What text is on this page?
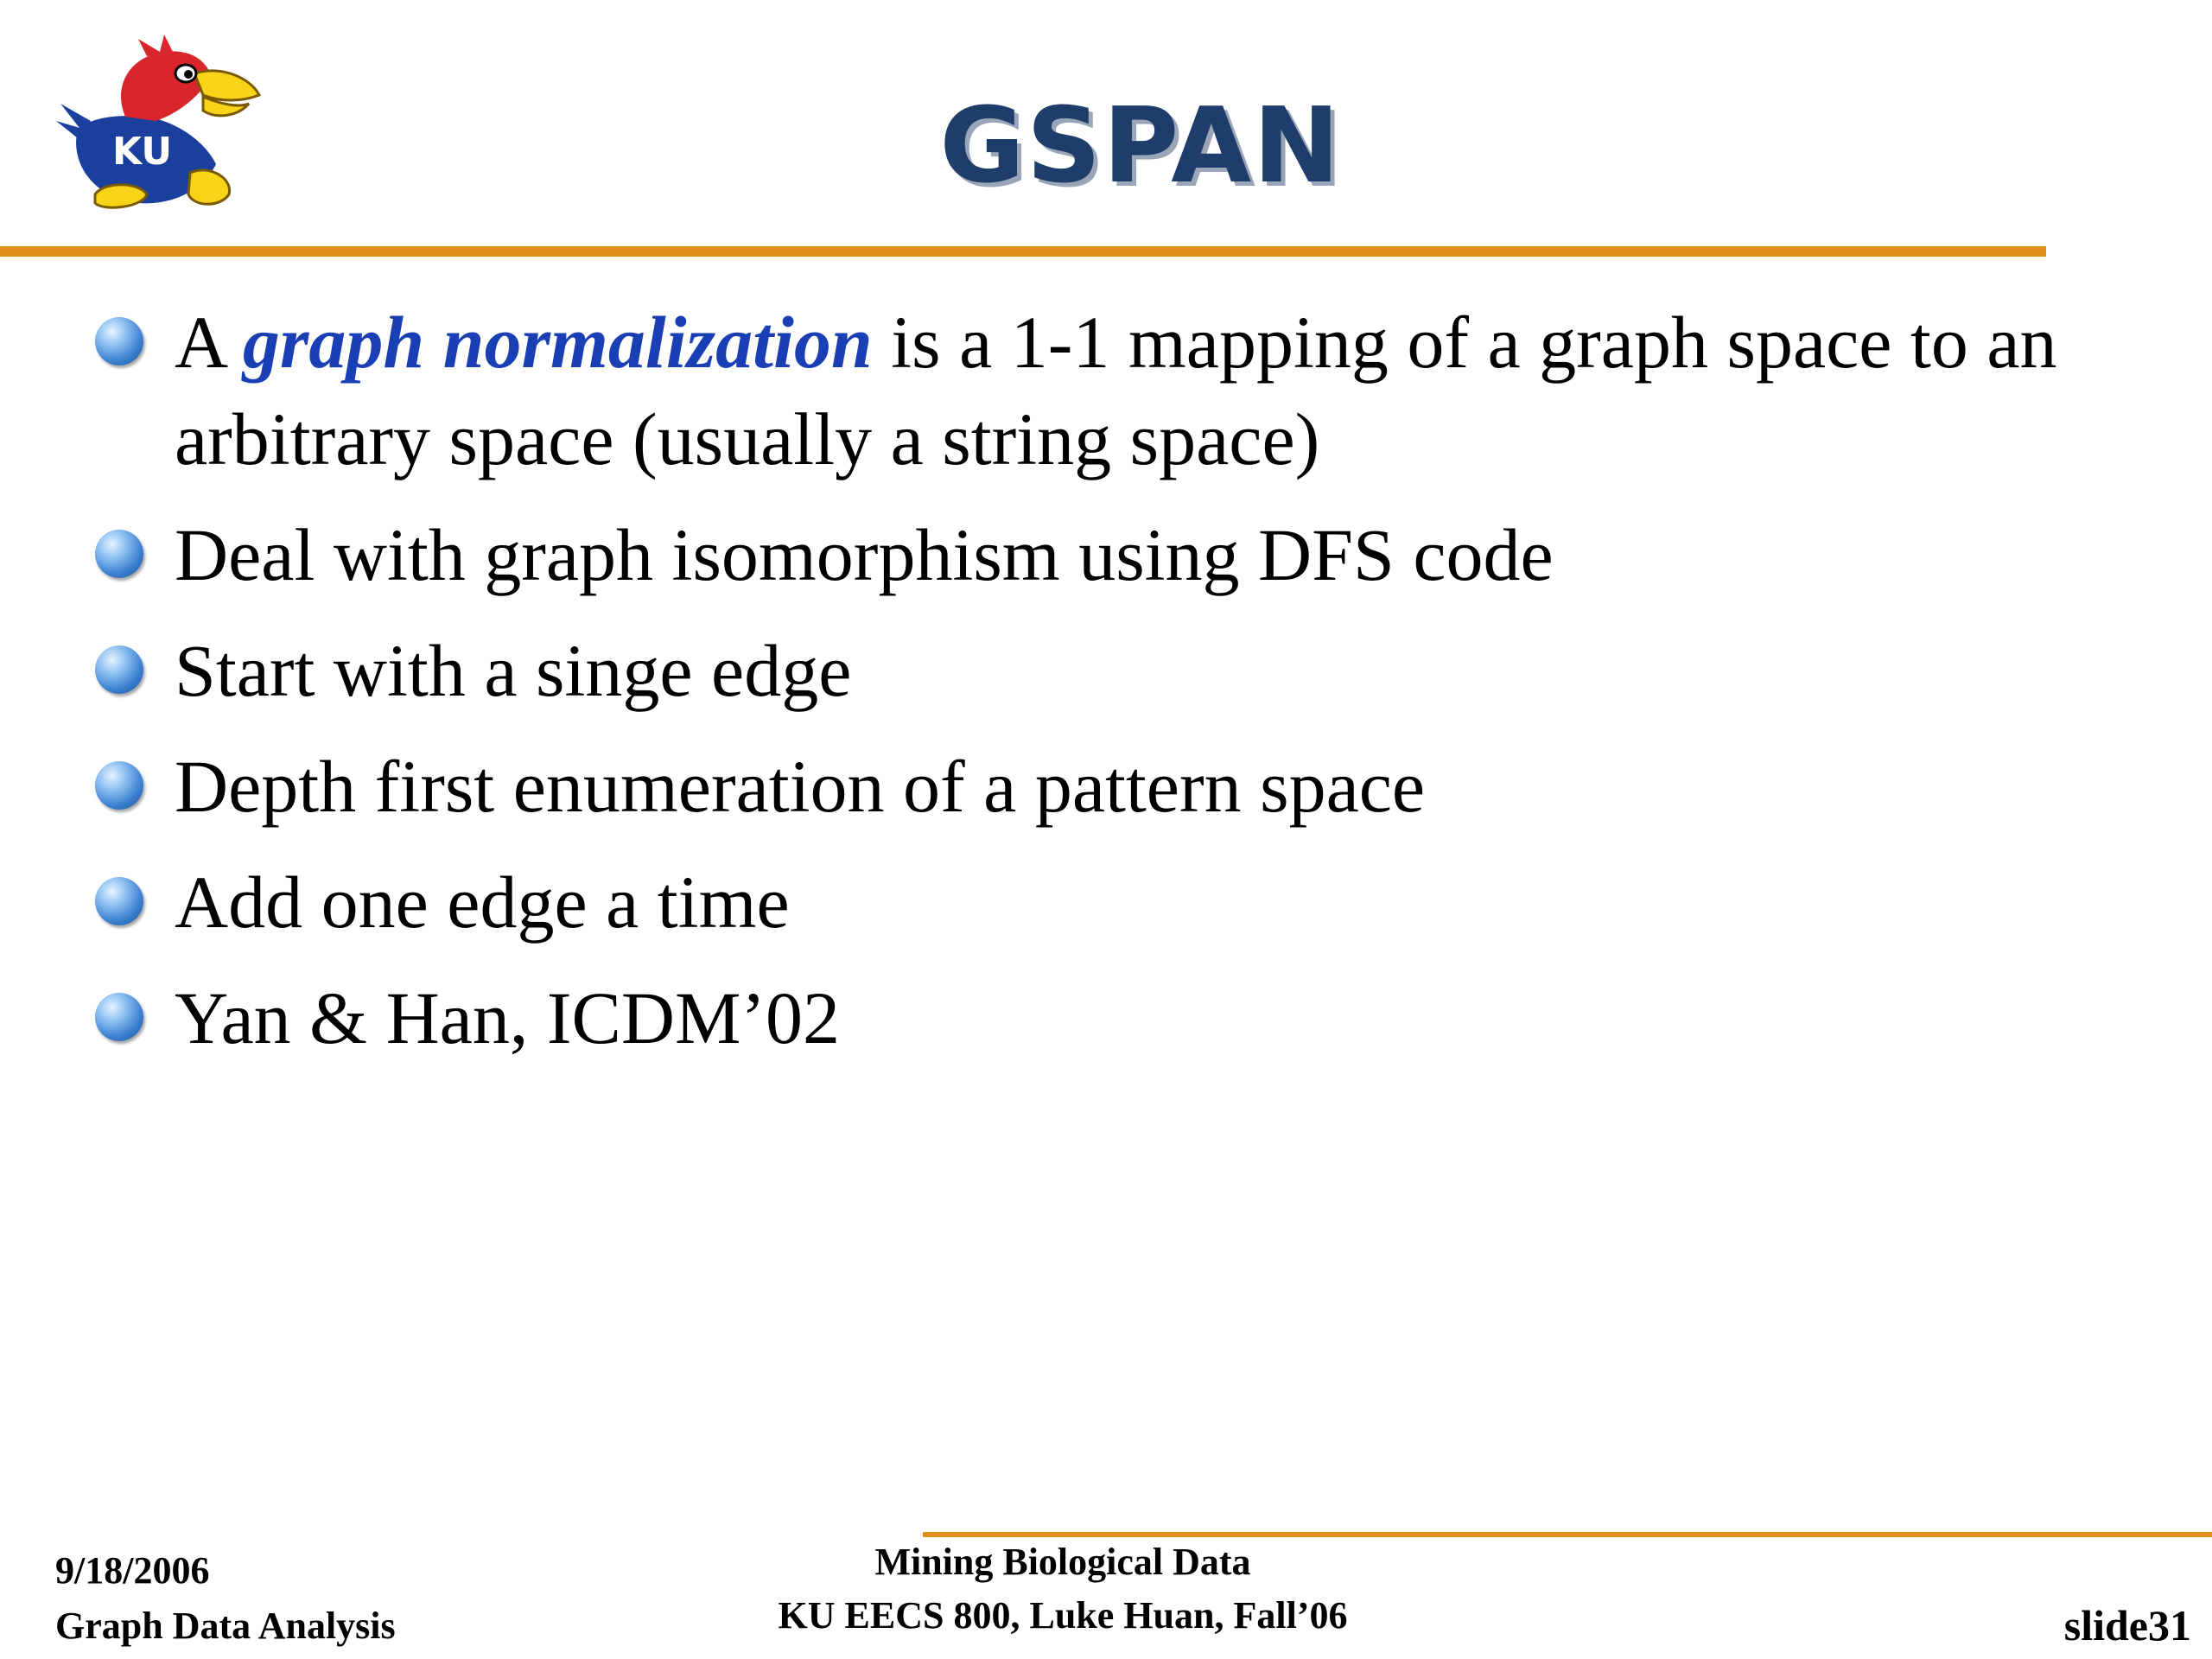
KU	GSPAN
A graph normalization is a 1-1 mapping of a graph space to an arbitrary space (usually a string space)
Deal with graph isomorphism using DFS code
Start with a singe edge
Depth first enumeration of a pattern space
Add one edge a time
Yan & Han, ICDM’02
9/18/2006
Graph Data Analysis
Mining Biological Data
KU EECS 800, Luke Huan, Fall’06	slide31
